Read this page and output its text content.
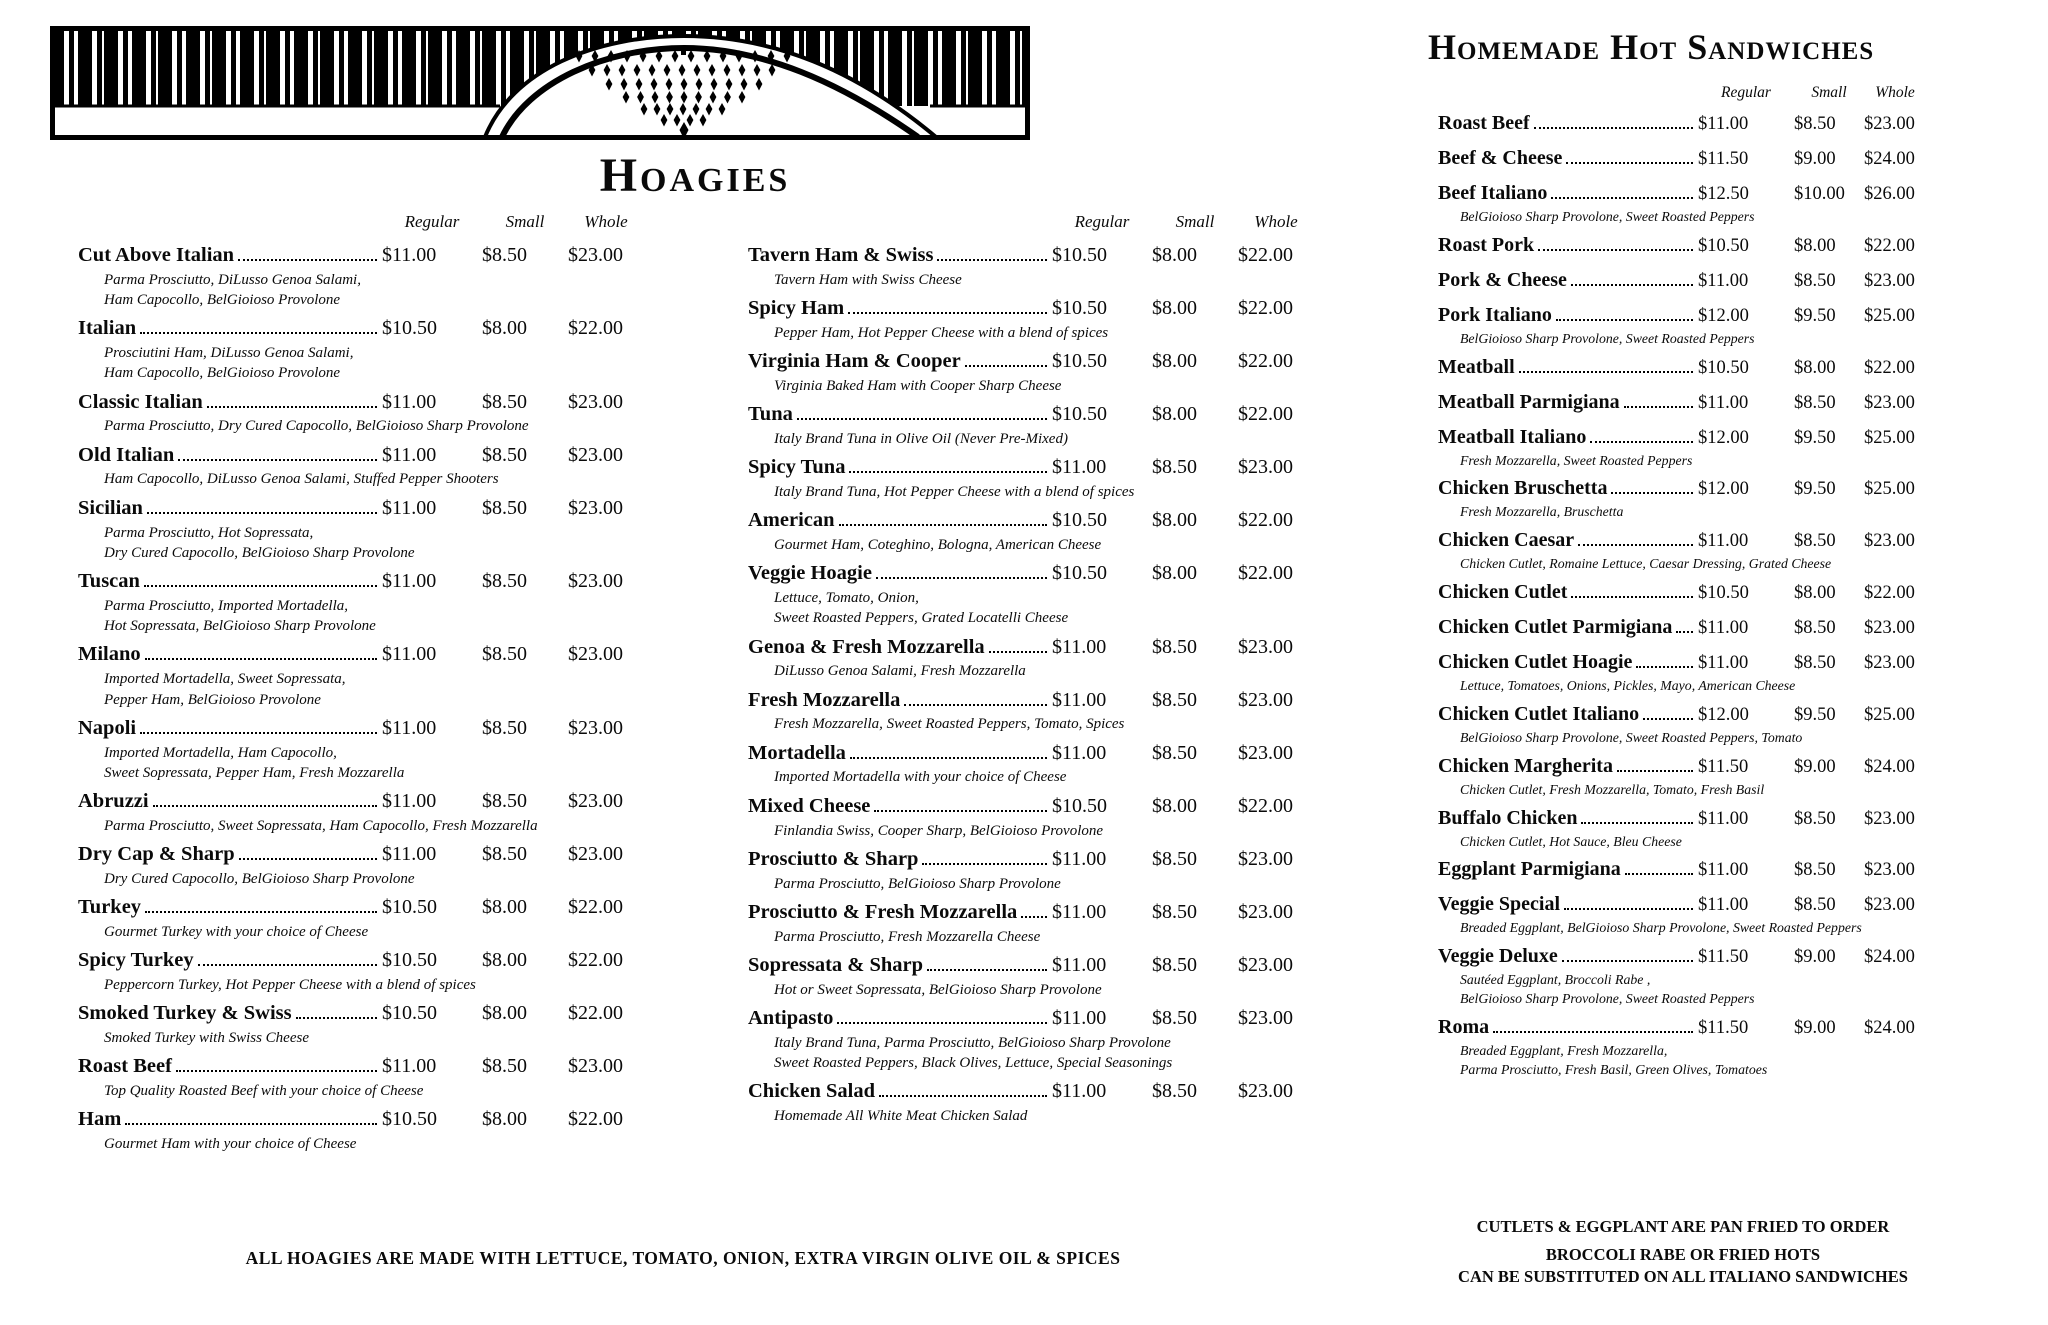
Hoagies
Homemade Hot Sandwiches
Regular	Small	Whole
Cut Above Italian	$11.00	$8.50	$23.00
Parma Prosciutto, DiLusso Genoa Salami,
Ham Capocollo, BelGioioso Provolone
Italian	$10.50	$8.00	$22.00
Prosciutini Ham, DiLusso Genoa Salami,
Ham Capocollo, BelGioioso Provolone
Classic Italian	$11.00	$8.50	$23.00
Parma Prosciutto, Dry Cured Capocollo, BelGioioso Sharp Provolone
Old Italian	$11.00	$8.50	$23.00
Ham Capocollo, DiLusso Genoa Salami, Stuffed Pepper Shooters
Sicilian	$11.00	$8.50	$23.00
Parma Prosciutto, Hot Sopressata,
Dry Cured Capocollo, BelGioioso Sharp Provolone
Tuscan	$11.00	$8.50	$23.00
Parma Prosciutto, Imported Mortadella,
Hot Sopressata, BelGioioso Sharp Provolone
Milano	$11.00	$8.50	$23.00
Imported Mortadella, Sweet Sopressata,
Pepper Ham, BelGioioso Provolone
Napoli	$11.00	$8.50	$23.00
Imported Mortadella, Ham Capocollo,
Sweet Sopressata, Pepper Ham, Fresh Mozzarella
Abruzzi	$11.00	$8.50	$23.00
Parma Prosciutto, Sweet Sopressata, Ham Capocollo, Fresh Mozzarella
Dry Cap & Sharp	$11.00	$8.50	$23.00
Dry Cured Capocollo, BelGioioso Sharp Provolone
Turkey	$10.50	$8.00	$22.00
Gourmet Turkey with your choice of Cheese
Spicy Turkey	$10.50	$8.00	$22.00
Peppercorn Turkey, Hot Pepper Cheese with a blend of spices
Smoked Turkey & Swiss	$10.50	$8.00	$22.00
Smoked Turkey with Swiss Cheese
Roast Beef	$11.00	$8.50	$23.00
Top Quality Roasted Beef with your choice of Cheese
Ham	$10.50	$8.00	$22.00
Gourmet Ham with your choice of Cheese
Regular	Small	Whole
Tavern Ham & Swiss	$10.50	$8.00	$22.00
Tavern Ham with Swiss Cheese
Spicy Ham	$10.50	$8.00	$22.00
Pepper Ham, Hot Pepper Cheese with a blend of spices
Virginia Ham & Cooper	$10.50	$8.00	$22.00
Virginia Baked Ham with Cooper Sharp Cheese
Tuna	$10.50	$8.00	$22.00
Italy Brand Tuna in Olive Oil (Never Pre-Mixed)
Spicy Tuna	$11.00	$8.50	$23.00
Italy Brand Tuna, Hot Pepper Cheese with a blend of spices
American	$10.50	$8.00	$22.00
Gourmet Ham, Coteghino, Bologna, American Cheese
Veggie Hoagie	$10.50	$8.00	$22.00
Lettuce, Tomato, Onion,
Sweet Roasted Peppers, Grated Locatelli Cheese
Genoa & Fresh Mozzarella	$11.00	$8.50	$23.00
DiLusso Genoa Salami, Fresh Mozzarella
Fresh Mozzarella	$11.00	$8.50	$23.00
Fresh Mozzarella, Sweet Roasted Peppers, Tomato, Spices
Mortadella	$11.00	$8.50	$23.00
Imported Mortadella with your choice of Cheese
Mixed Cheese	$10.50	$8.00	$22.00
Finlandia Swiss, Cooper Sharp, BelGioioso Provolone
Prosciutto & Sharp	$11.00	$8.50	$23.00
Parma Prosciutto, BelGioioso Sharp Provolone
Prosciutto & Fresh Mozzarella $11.00	$8.50	$23.00
Parma Prosciutto, Fresh Mozzarella Cheese
Sopressata & Sharp	$11.00	$8.50	$23.00
Hot or Sweet Sopressata, BelGioioso Sharp Provolone
Antipasto	$11.00	$8.50	$23.00
Italy Brand Tuna, Parma Prosciutto, BelGioioso Sharp Provolone
Sweet Roasted Peppers, Black Olives, Lettuce, Special Seasonings
Chicken Salad	$11.00	$8.50	$23.00
Homemade All White Meat Chicken Salad
Regular	Small	Whole
Roast Beef	$11.00	$8.50	$23.00
Beef & Cheese	$11.50	$9.00	$24.00
Beef Italiano	$12.50	$10.00	$26.00
BelGioioso Sharp Provolone, Sweet Roasted Peppers
Roast Pork	$10.50	$8.00	$22.00
Pork & Cheese	$11.00	$8.50	$23.00
Pork Italiano	$12.00	$9.50	$25.00
BelGioioso Sharp Provolone, Sweet Roasted Peppers
Meatball	$10.50	$8.00	$22.00
Meatball Parmigiana	$11.00	$8.50	$23.00
Meatball Italiano	$12.00	$9.50	$25.00
Fresh Mozzarella, Sweet Roasted Peppers
Chicken Bruschetta	$12.00	$9.50	$25.00
Fresh Mozzarella, Bruschetta
Chicken Caesar	$11.00	$8.50	$23.00
Chicken Cutlet, Romaine Lettuce, Caesar Dressing, Grated Cheese
Chicken Cutlet	$10.50	$8.00	$22.00
Chicken Cutlet Parmigiana $11.00	$8.50	$23.00
Chicken Cutlet Hoagie	$11.00	$8.50	$23.00
Lettuce, Tomatoes, Onions, Pickles, Mayo, American Cheese
Chicken Cutlet Italiano	$12.00	$9.50	$25.00
BelGioioso Sharp Provolone, Sweet Roasted Peppers, Tomato
Chicken Margherita	$11.50	$9.00	$24.00
Chicken Cutlet, Fresh Mozzarella, Tomato, Fresh Basil
Buffalo Chicken	$11.00	$8.50	$23.00
Chicken Cutlet, Hot Sauce, Bleu Cheese
Eggplant Parmigiana	$11.00	$8.50	$23.00
Veggie Special	$11.00	$8.50	$23.00
Breaded Eggplant, BelGioioso Sharp Provolone, Sweet Roasted Peppers
Veggie Deluxe	$11.50	$9.00	$24.00
Sautéed Eggplant, Broccoli Rabe ,
BelGioioso Sharp Provolone, Sweet Roasted Peppers
Roma	$11.50	$9.00	$24.00
Breaded Eggplant, Fresh Mozzarella,
Parma Prosciutto, Fresh Basil, Green Olives, Tomatoes
ALL HOAGIES ARE MADE WITH LETTUCE, TOMATO, ONION, EXTRA VIRGIN OLIVE OIL & SPICES
CUTLETS & EGGPLANT ARE PAN FRIED TO ORDER
BROCCOLI RABE OR FRIED HOTS
CAN BE SUBSTITUTED ON ALL ITALIANO SANDWICHES
